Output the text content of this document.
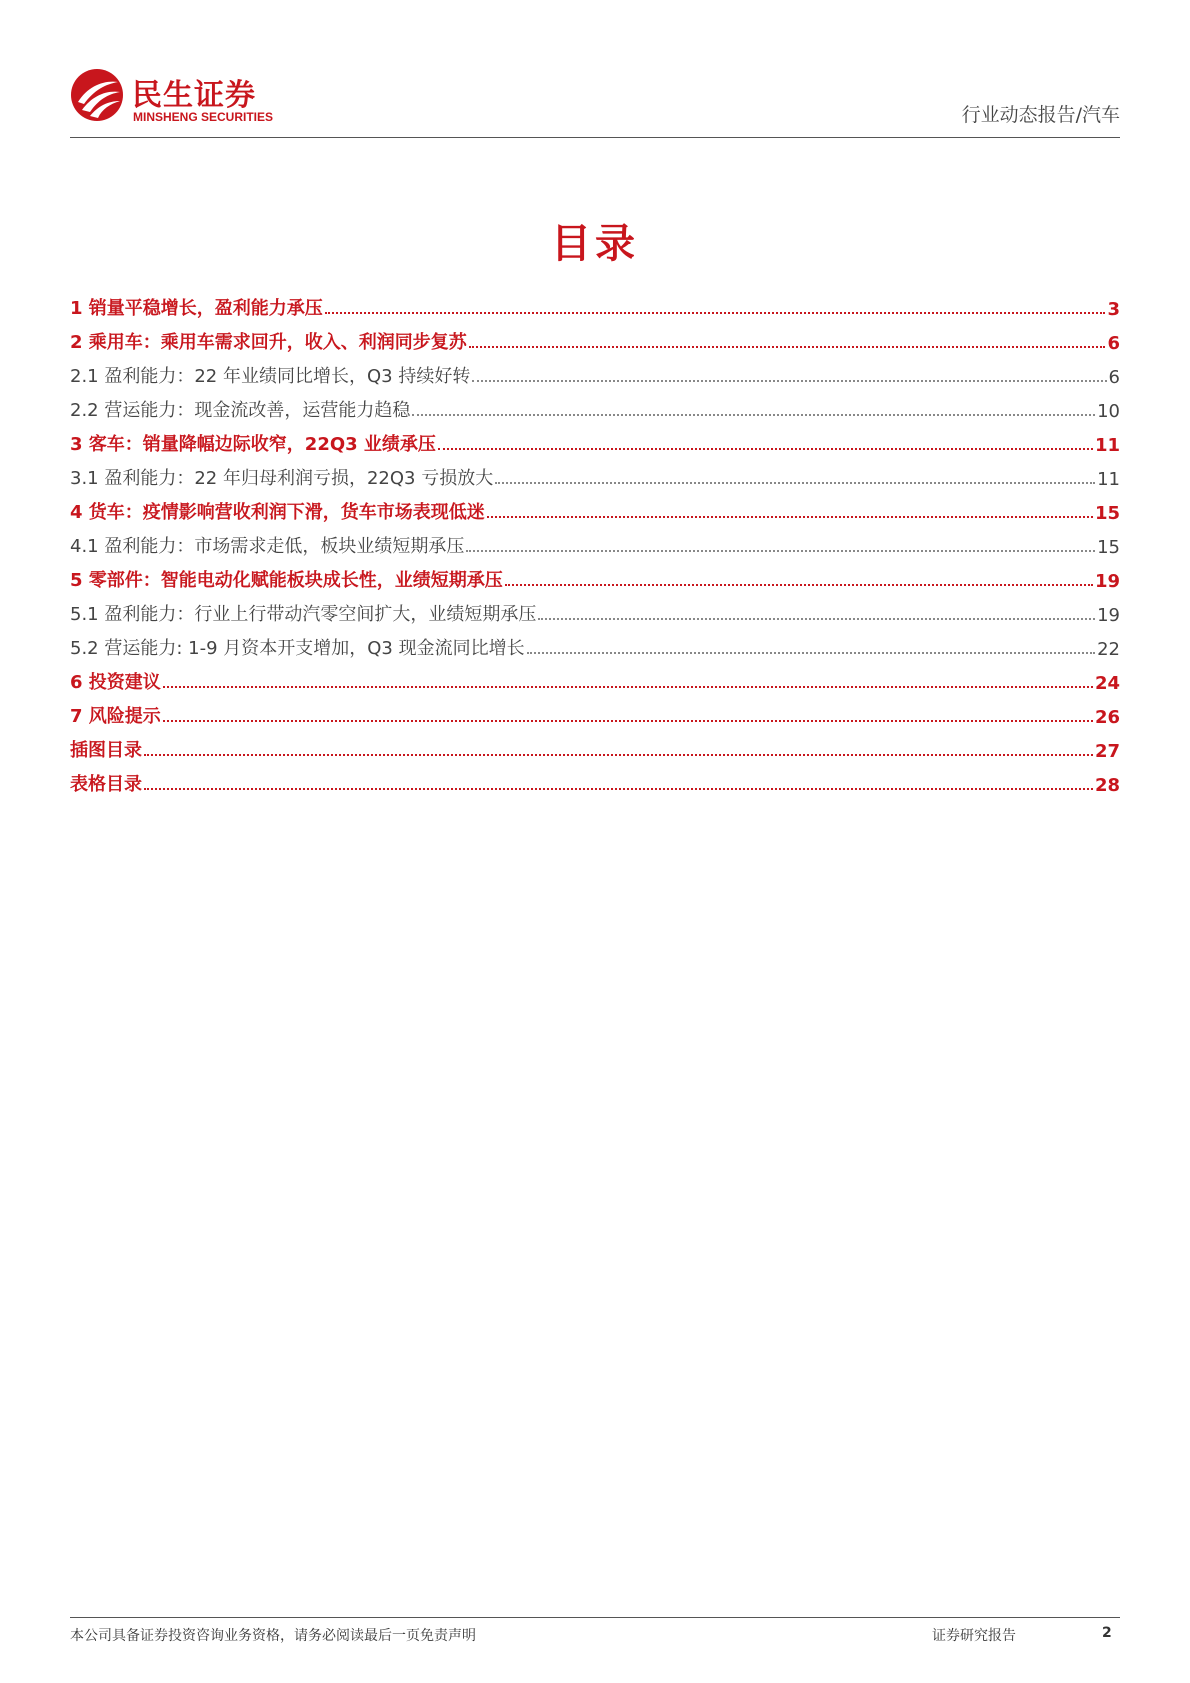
民生证券
MINSHENG SECURITIES	行业动态报告/汽车
目录
1 销量平稳增长，盈利能力承压	3
2 乘用车：乘用车需求回升，收入、利润同步复苏	6
2.1 盈利能力：22 年业绩同比增长，Q3 持续好转	6
2.2 营运能力：现金流改善，运营能力趋稳	10
3 客车：销量降幅边际收窄，22Q3 业绩承压	11
3.1 盈利能力：22 年归母利润亏损，22Q3 亏损放大	11
4 货车：疫情影响营收利润下滑，货车市场表现低迷	15
4.1 盈利能力：市场需求走低，板块业绩短期承压	15
5 零部件：智能电动化赋能板块成长性，业绩短期承压	19
5.1 盈利能力：行业上行带动汽零空间扩大，业绩短期承压	19
5.2 营运能力: 1-9 月资本开支增加，Q3 现金流同比增长	22
6 投资建议	24
7 风险提示	26
插图目录	27
表格目录	28
本公司具备证券投资咨询业务资格，请务必阅读最后一页免责声明	证券研究报告	2
